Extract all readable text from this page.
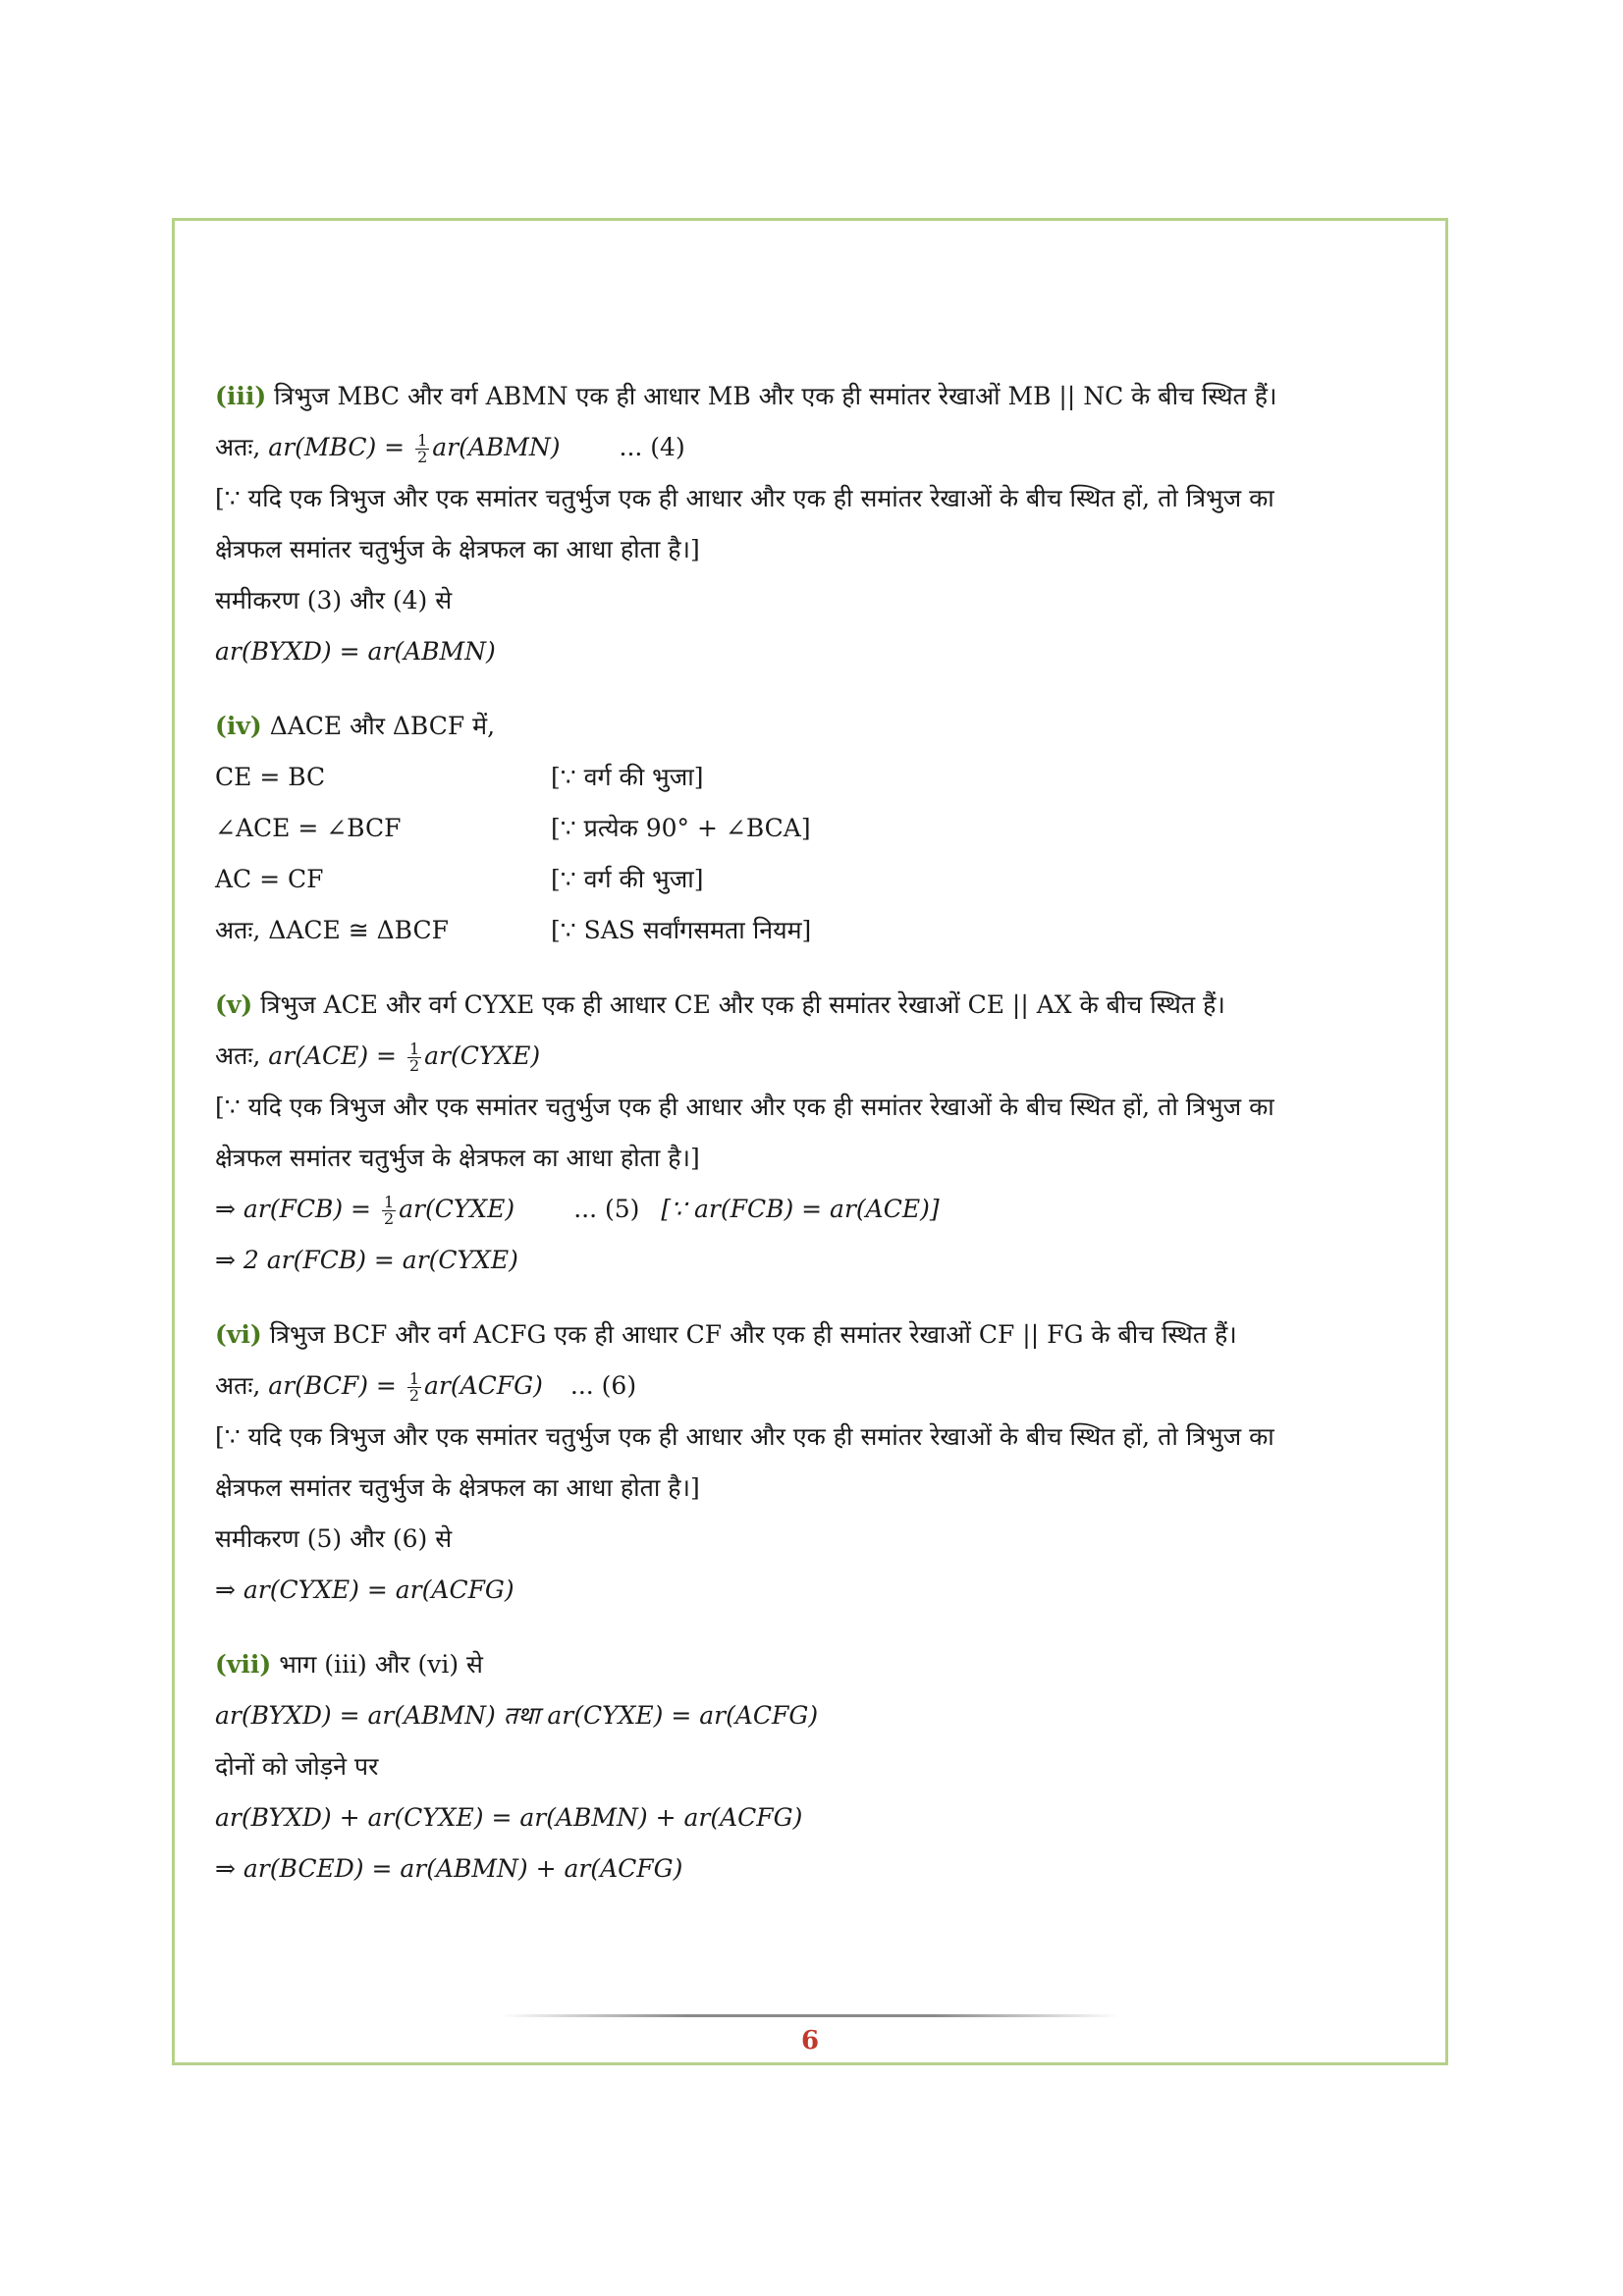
(iii) त्रिभुज MBC और वर्ग ABMN एक ही आधार MB और एक ही समांतर रेखाओं MB || NC के बीच स्थित हैं।
अतः, $ar(MBC) = \frac{1}{2}$ ar(ABMN) ... (4)
[∵ यदि एक त्रिभुज और एक समांतर चतुर्भुज एक ही आधार और एक ही समांतर रेखाओं के बीच स्थित हों, तो त्रिभुज का
क्षेत्रफल समांतर चतुर्भुज के क्षेत्रफल का आधा होता है।]
समीकरण (3) और (4) से
ar(BYXD) = ar(ABMN)
(iv) ΔACE और ΔBCF में,
CE = BC	[∵ वर्ग की भुजा]
∠ACE = ∠BCF	[∵ प्रत्येक 90° + ∠BCA]
AC = CF	[∵ वर्ग की भुजा]
अतः, ΔACE ≅ ΔBCF	[∵ SAS सर्वांगसमता नियम]
(v) त्रिभुज ACE और वर्ग CYXE एक ही आधार CE और एक ही समांतर रेखाओं CE || AX के बीच स्थित हैं।
अतः, $ar(ACE) = \frac{1}{2}$ ar(CYXE)
[∵ यदि एक त्रिभुज और एक समांतर चतुर्भुज एक ही आधार और एक ही समांतर रेखाओं के बीच स्थित हों, तो त्रिभुज का
क्षेत्रफल समांतर चतुर्भुज के क्षेत्रफल का आधा होता है।]
⇒ $ar(FCB) = \frac{1}{2}$ ar(CYXE) ... (5) [∵ ar(FCB) = ar(ACE)]
⇒ 2 ar(FCB) = ar(CYXE)
(vi) त्रिभुज BCF और वर्ग ACFG एक ही आधार CF और एक ही समांतर रेखाओं CF || FG के बीच स्थित हैं।
अतः, $ar(BCF) = \frac{1}{2}$ ar(ACFG) ... (6)
[∵ यदि एक त्रिभुज और एक समांतर चतुर्भुज एक ही आधार और एक ही समांतर रेखाओं के बीच स्थित हों, तो त्रिभुज का
क्षेत्रफल समांतर चतुर्भुज के क्षेत्रफल का आधा होता है।]
समीकरण (5) और (6) से
⇒ ar(CYXE) = ar(ACFG)
(vii) भाग (iii) और (vi) से
ar(BYXD) = ar(ABMN) तथा ar(CYXE) = ar(ACFG)
दोनों को जोड़ने पर
ar(BYXD) + ar(CYXE) = ar(ABMN) + ar(ACFG)
⇒ ar(BCED) = ar(ABMN) + ar(ACFG)
6
